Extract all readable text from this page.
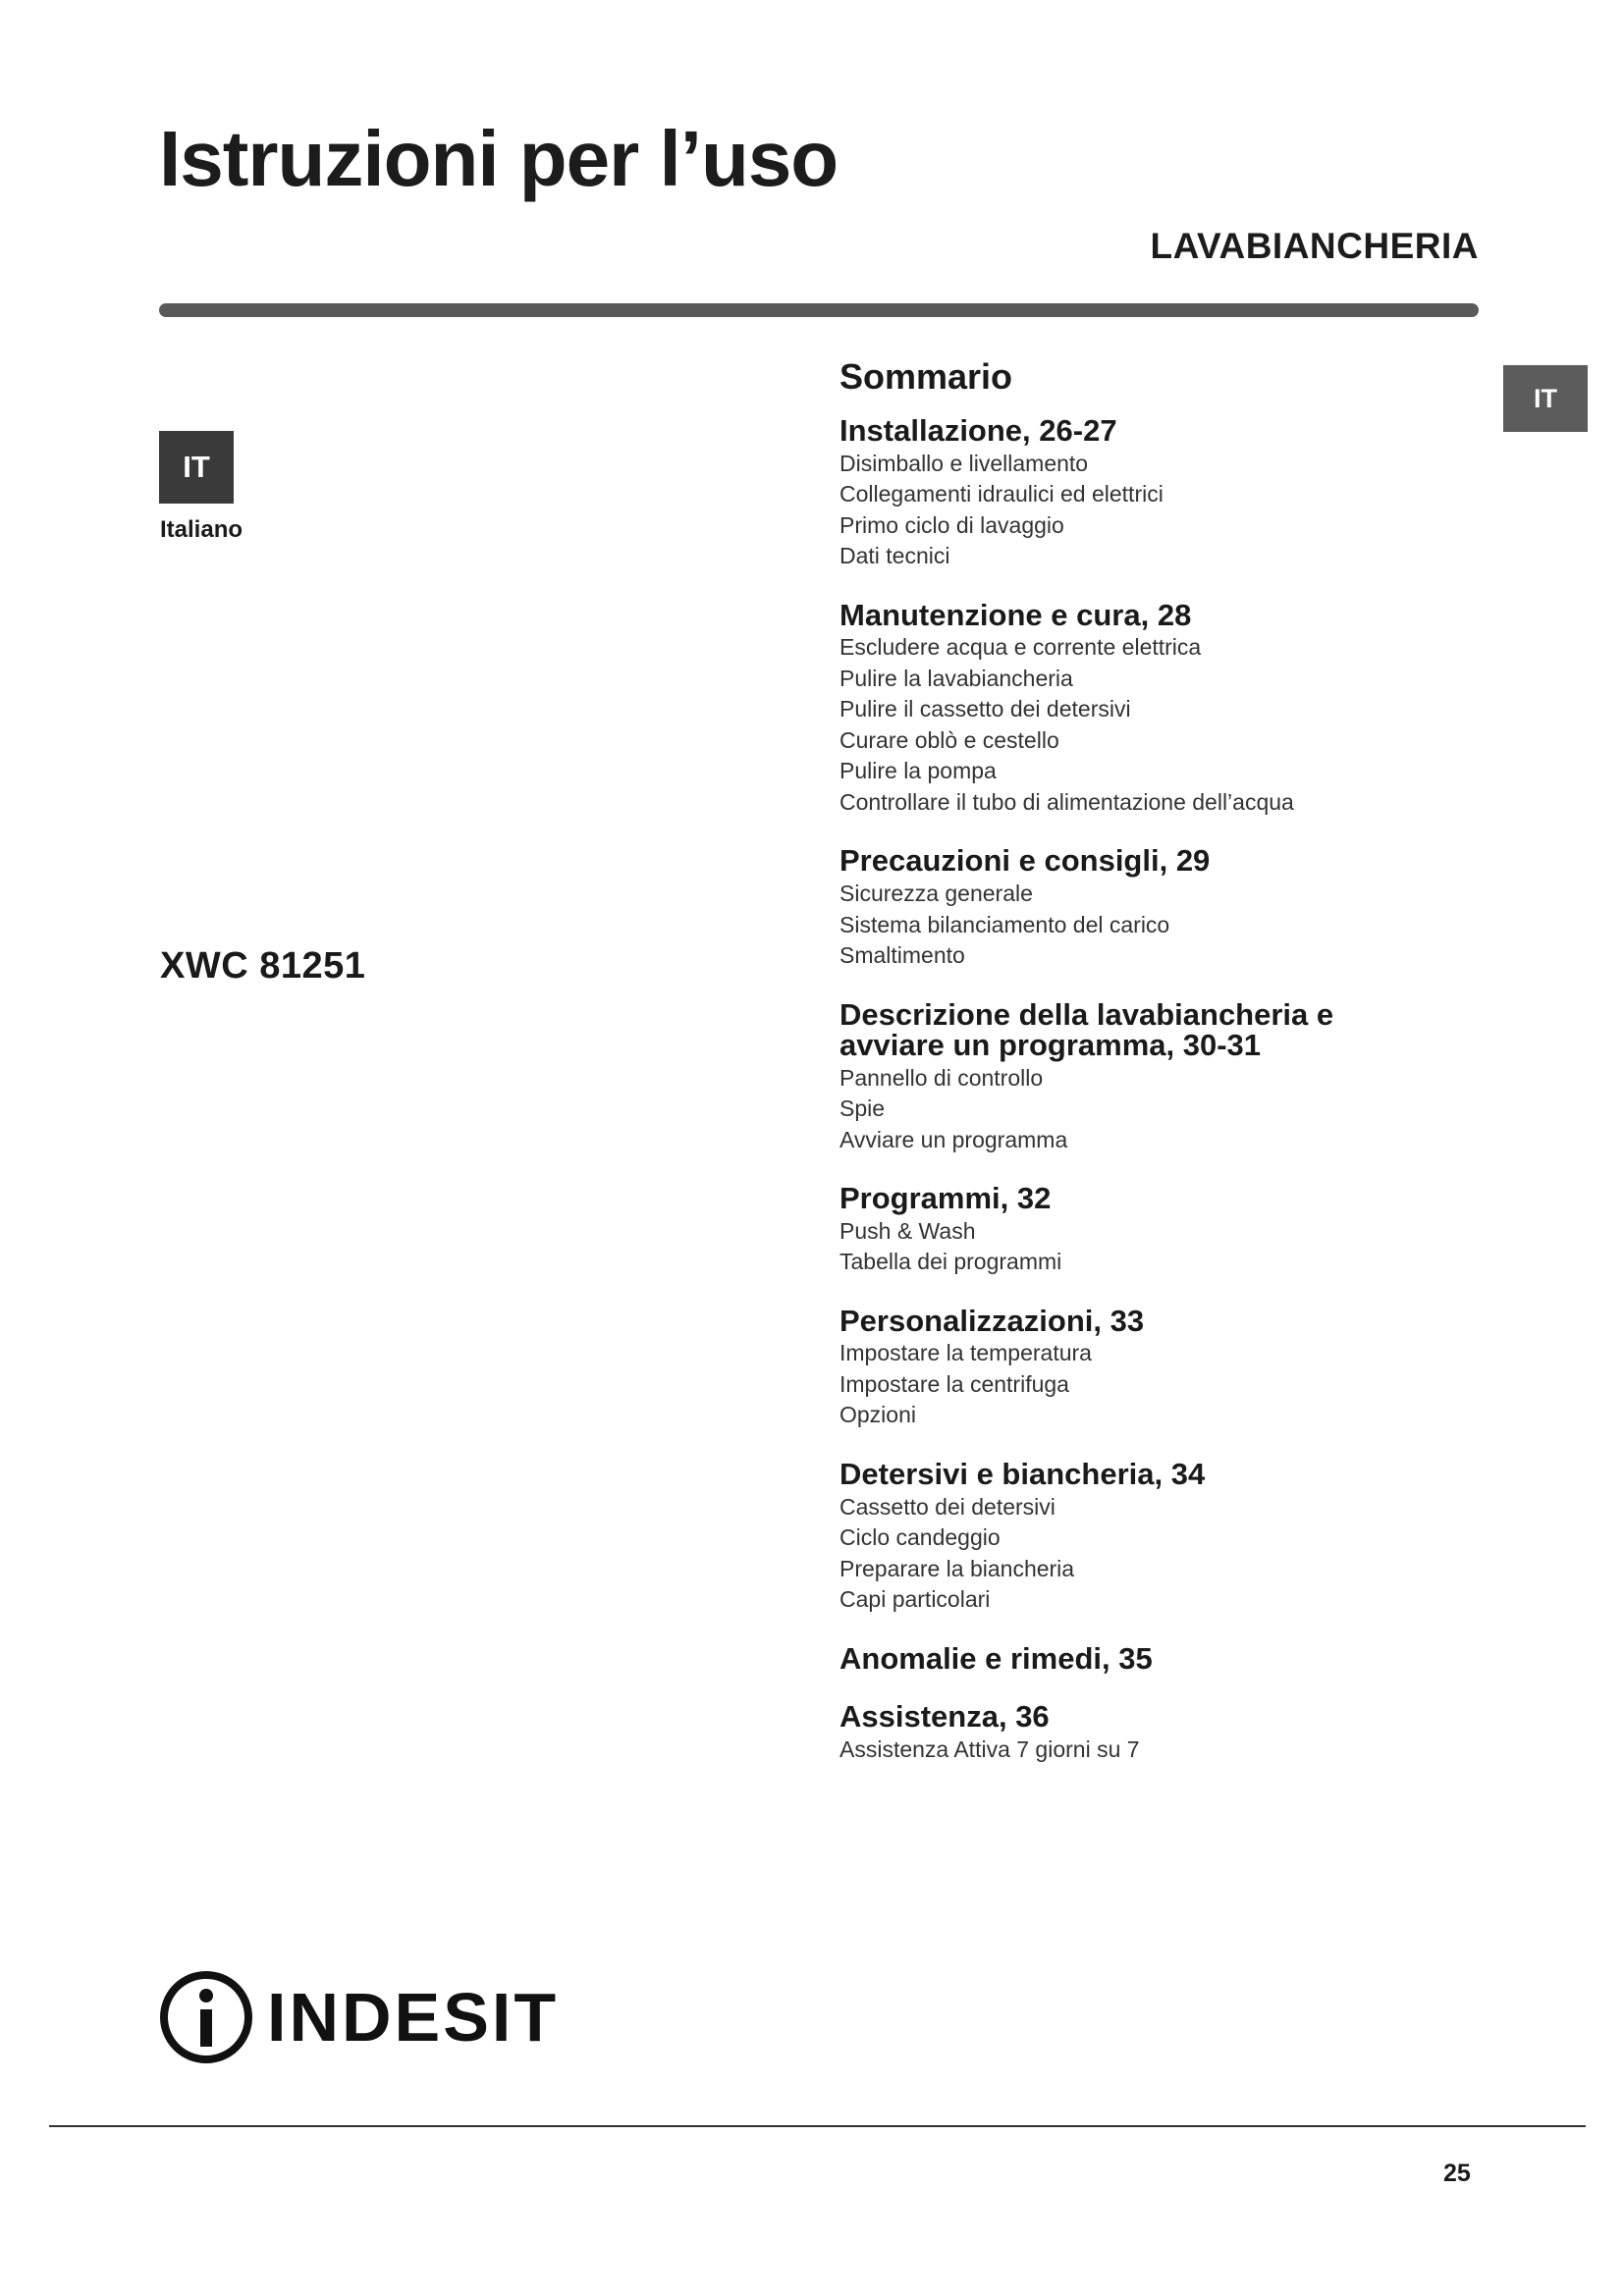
Istruzioni per l’uso
LAVABIANCHERIA
IT
Italiano
XWC 81251
IT
Sommario
Installazione, 26-27
Disimballo e livellamento
Collegamenti idraulici ed elettrici
Primo ciclo di lavaggio
Dati tecnici
Manutenzione e cura, 28
Escludere acqua e corrente elettrica
Pulire la lavabiancheria
Pulire il cassetto dei detersivi
Curare oblò e cestello
Pulire la pompa
Controllare il tubo di alimentazione dell’acqua
Precauzioni e consigli, 29
Sicurezza generale
Sistema bilanciamento del carico
Smaltimento
Descrizione della lavabiancheria e avviare un programma, 30-31
Pannello di controllo
Spie
Avviare un programma
Programmi, 32
Push & Wash
Tabella dei programmi
Personalizzazioni, 33
Impostare la temperatura
Impostare la centrifuga
Opzioni
Detersivi e biancheria, 34
Cassetto dei detersivi
Ciclo candeggio
Preparare la biancheria
Capi particolari
Anomalie e rimedi, 35
Assistenza, 36
Assistenza Attiva 7 giorni su 7
INDESIT
25
